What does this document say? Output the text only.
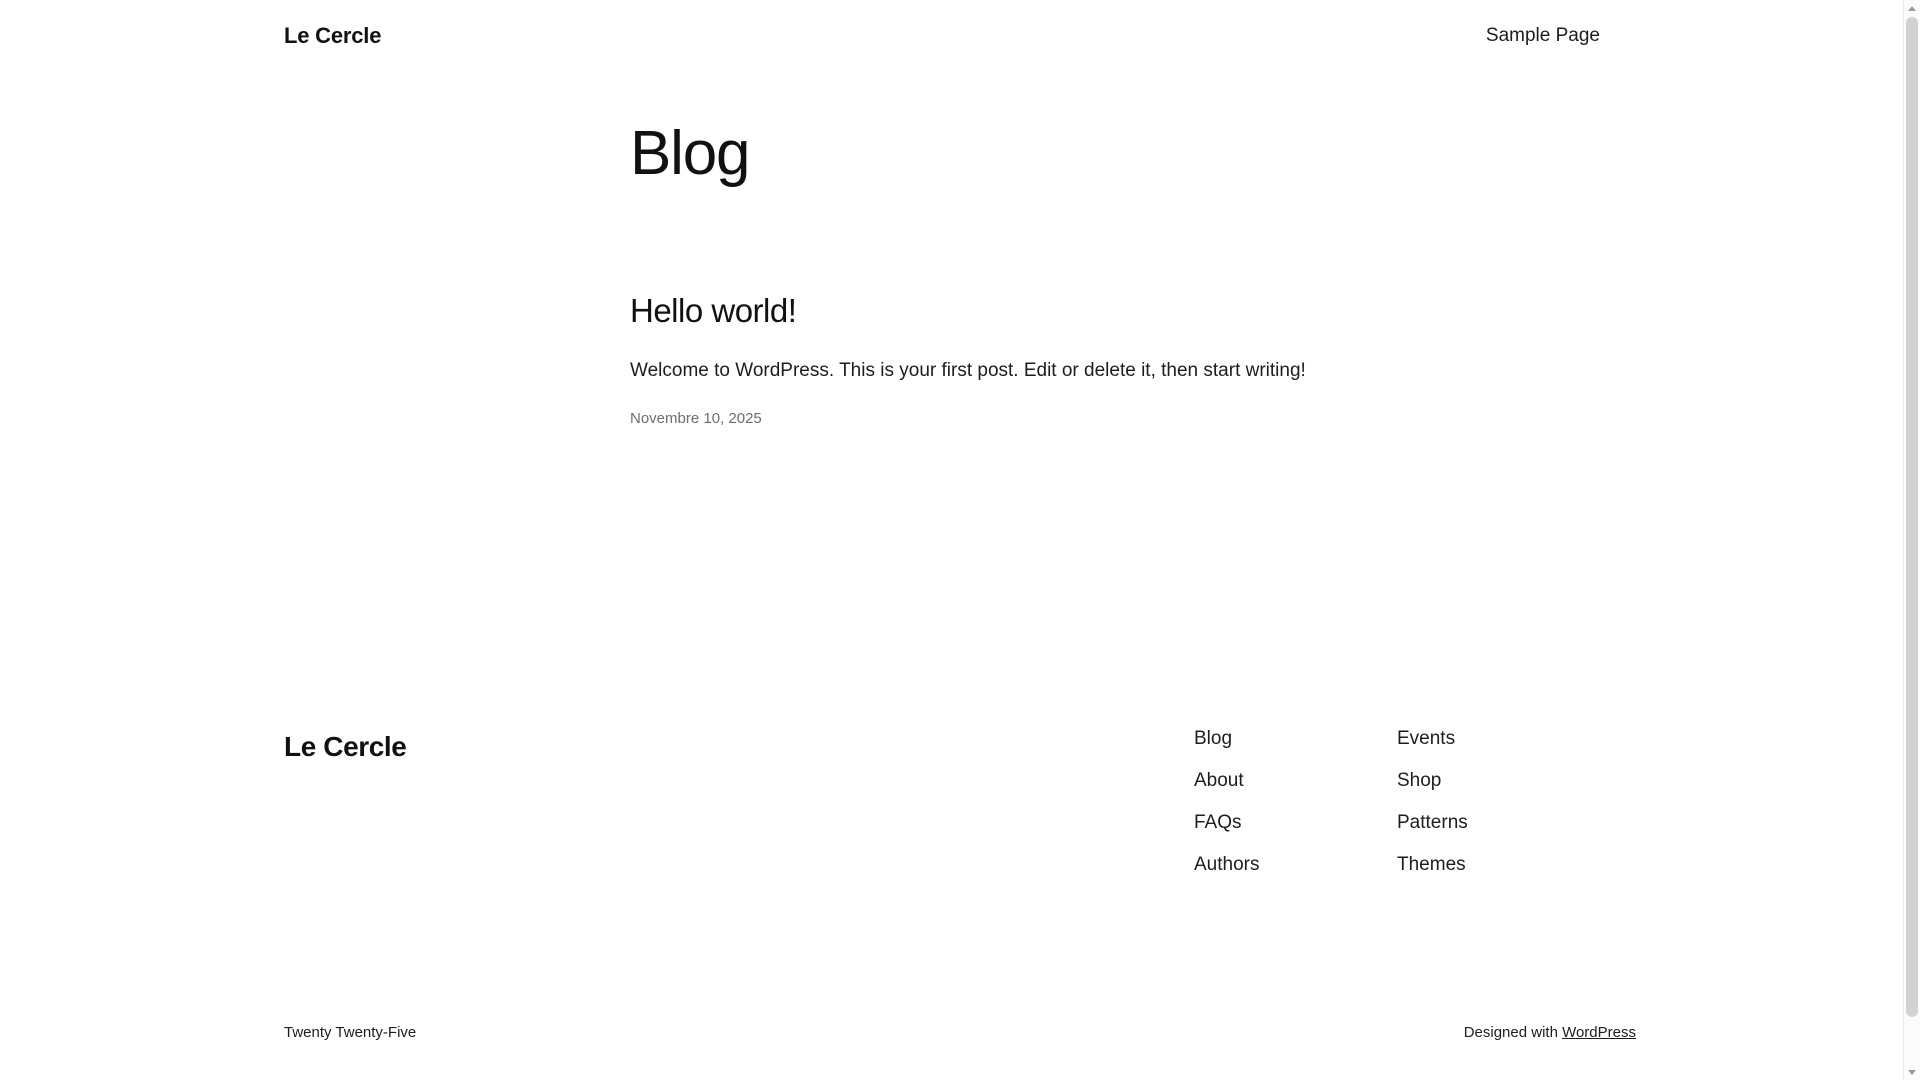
Le Cercle	Sample Page
Blog
Hello world!

Welcome to WordPress. This is your first post. Edit or delete it, then start writing!

Novembre 10, 2025
Le Cercle	Blog
About
FAQs
Authors
Events
Shop
Patterns
Themes
Twenty Twenty-Five	Designed with WordPress
